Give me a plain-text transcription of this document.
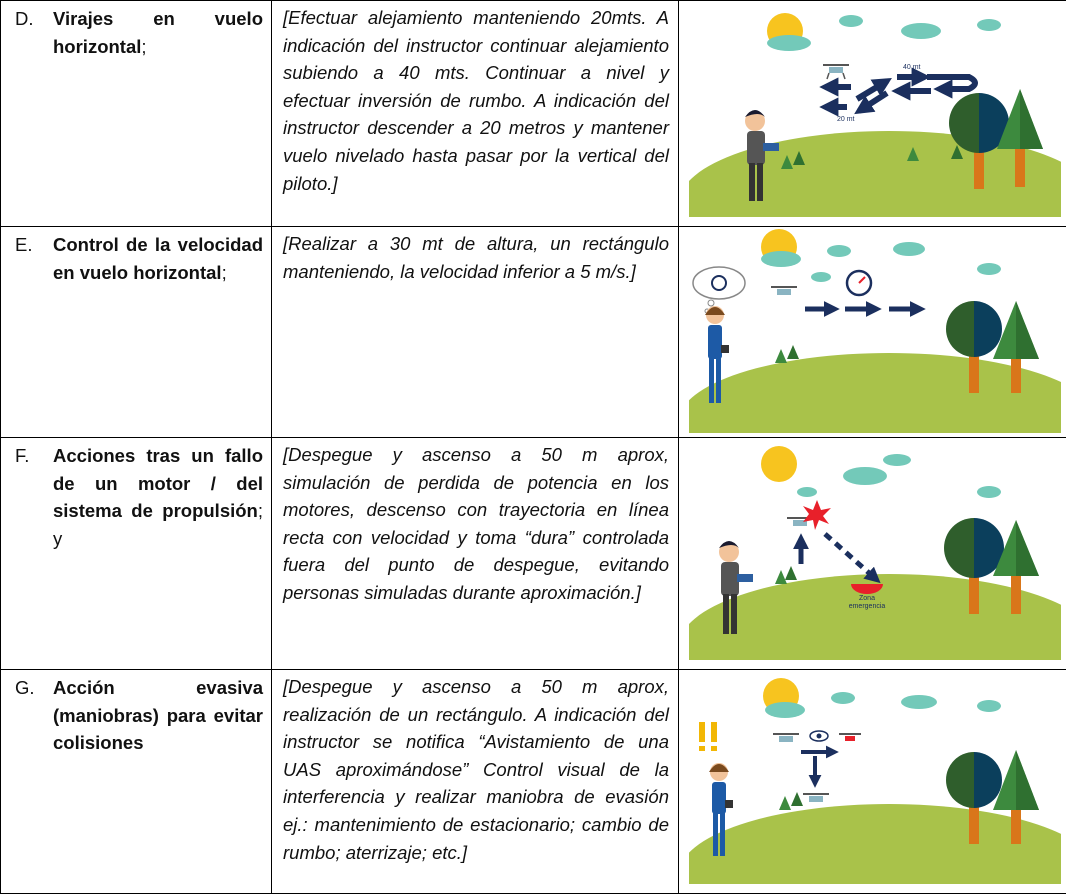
D. Virajes en vuelo horizontal;	[Efectuar alejamiento manteniendo 20mts. A indicación del instructor continuar alejamiento subiendo a 40 mts. Continuar a nivel y efectuar inversión de rumbo. A indicación del instructor descender a 20 metros y mantener vuelo nivelado hasta pasar por la vertical del piloto.]	40 mt
20 mt

E. Control de la velocidad en vuelo horizontal;	[Realizar a 30 mt de altura, un rectángulo manteniendo, la velocidad inferior a 5 m/s.]

F. Acciones tras un fallo de un motor / del sistema de propulsión; y	[Despegue y ascenso a 50 m aprox, simulación de perdida de potencia en los motores, descenso con trayectoria en línea recta con velocidad y toma “dura” controlada fuera del punto de despegue, evitando personas simuladas durante aproximación.]	Zona
emergencia

G. Acción evasiva (maniobras) para evitar colisiones	[Despegue y ascenso a 50 m aprox, realización de un rectángulo. A indicación del instructor se notifica “Avistamiento de una UAS aproximándose” Control visual de la interferencia y realizar maniobra de evasión ej.: mantenimiento de estacionario; cambio de rumbo; aterrizaje; etc.]
